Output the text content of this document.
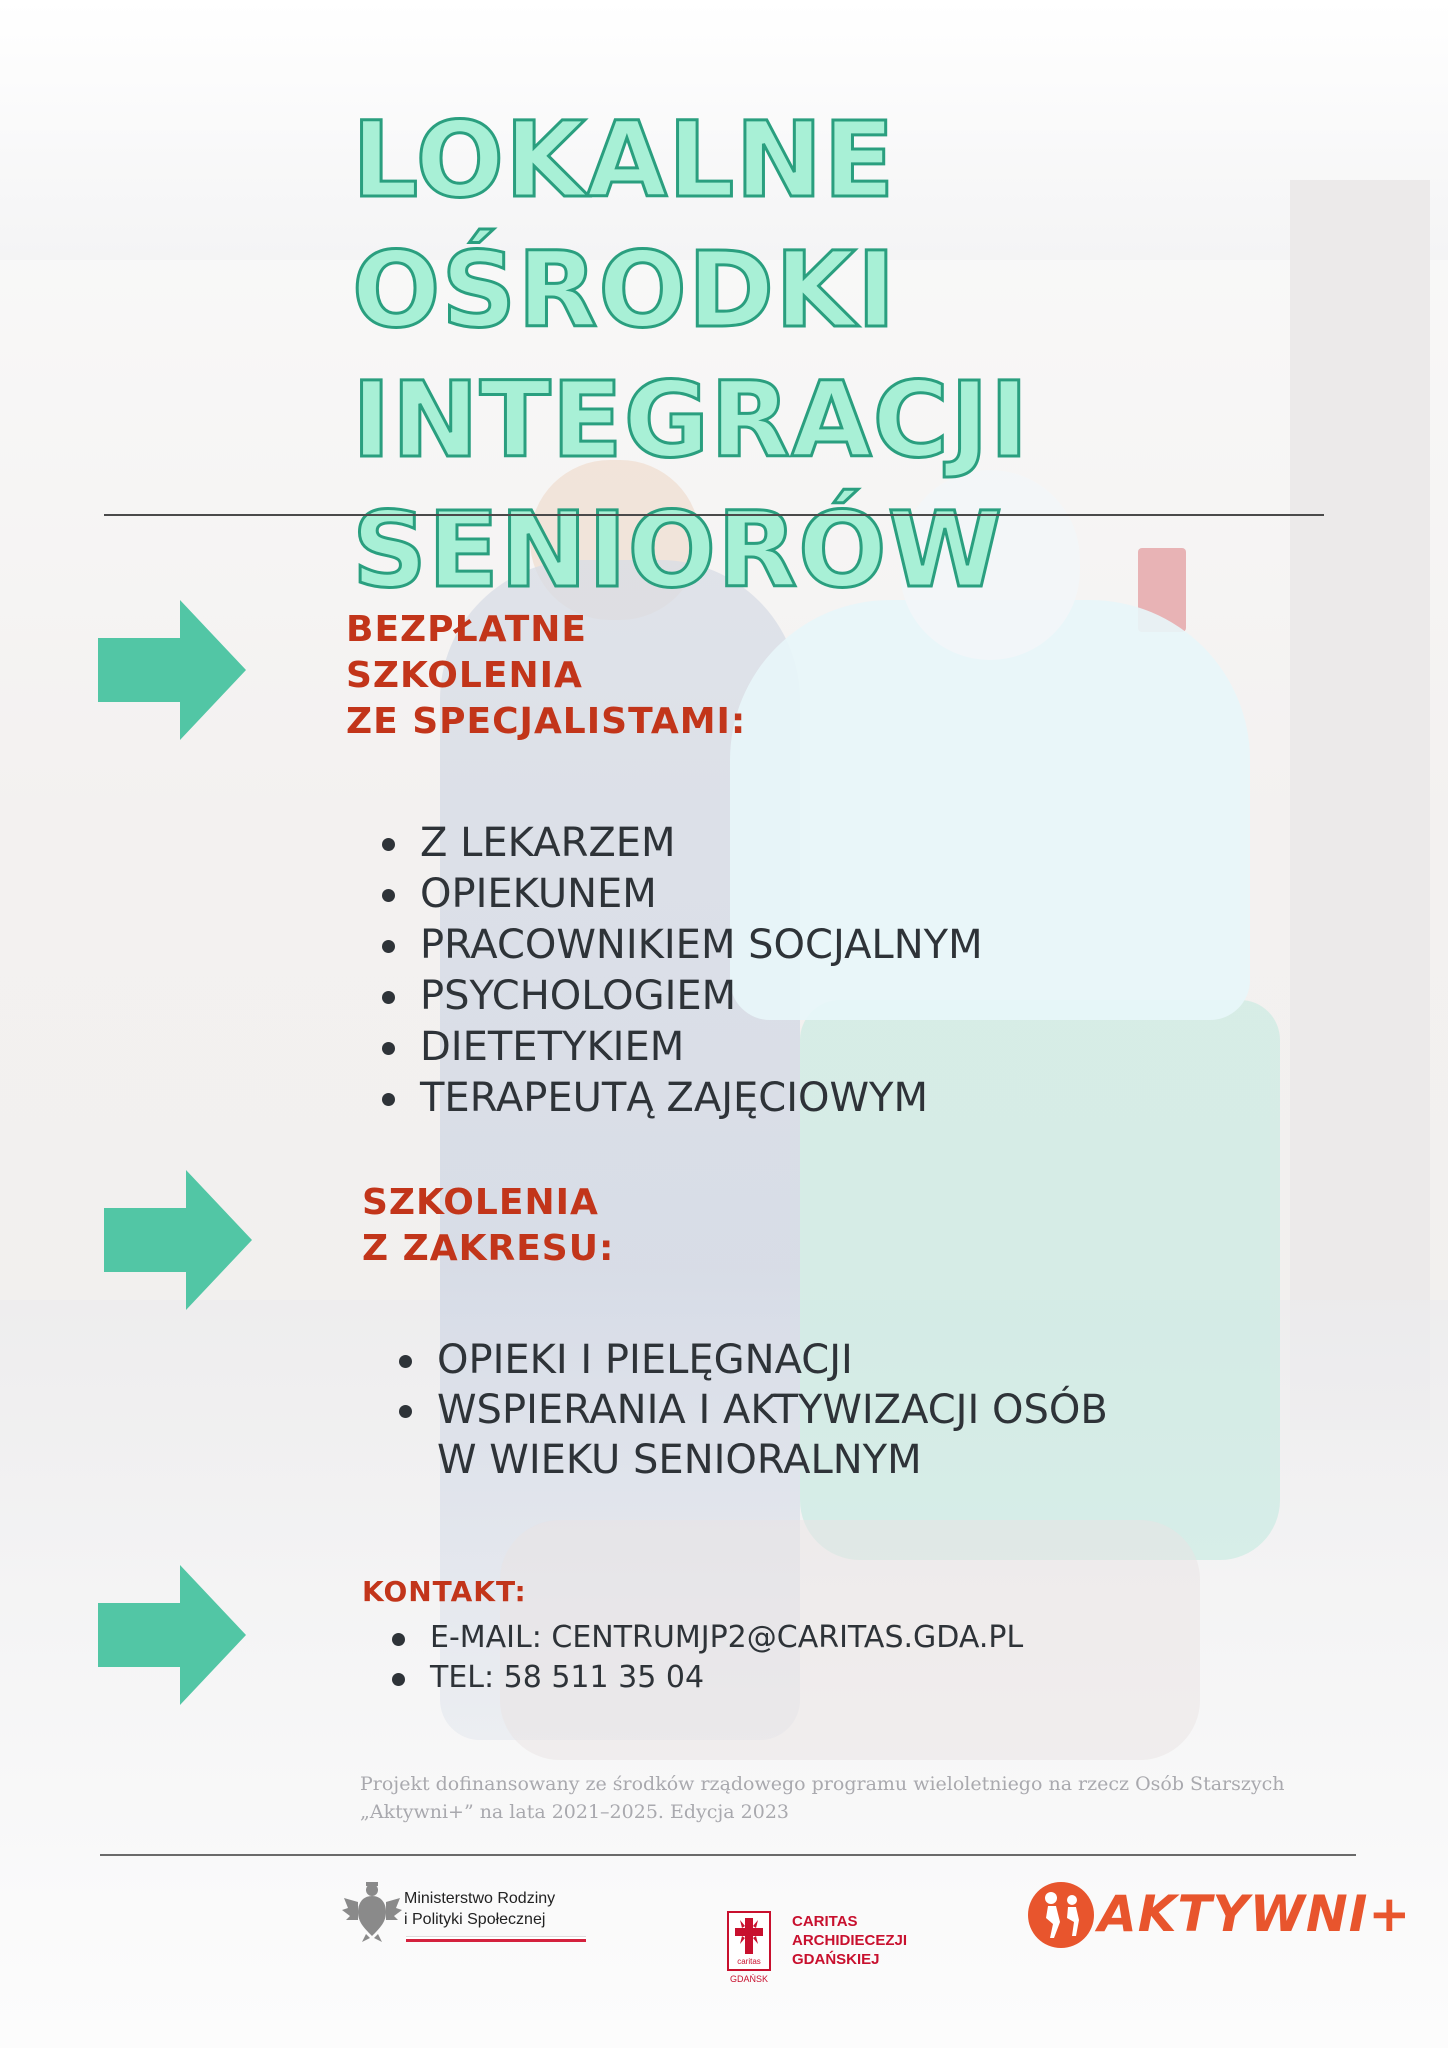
LOKALNE OŚRODKI
INTEGRACJI
SENIORÓW
BEZPŁATNE
SZKOLENIA
ZE SPECJALISTAMI:
Z LEKARZEM
OPIEKUNEM
PRACOWNIKIEM SOCJALNYM
PSYCHOLOGIEM
DIETETYKIEM
TERAPEUTĄ ZAJĘCIOWYM
SZKOLENIA
Z ZAKRESU:
OPIEKI I PIELĘGNACJI
WSPIERANIA I AKTYWIZACJI OSÓB
W WIEKU SENIORALNYM
KONTAKT:
E-MAIL: CENTRUMJP2@CARITAS.GDA.PL
TEL: 58 511 35 04

Projekt dofinansowany ze środków rządowego programu wieloletniego na rzecz Osób Starszych
„Aktywni+” na lata 2021–2025. Edycja 2023

Ministerstwo Rodziny
i Polityki Społecznej
caritas
GDAŃSK
CARITAS
ARCHIDIECEZJI
GDAŃSKIEJ
AKTYWNI+
